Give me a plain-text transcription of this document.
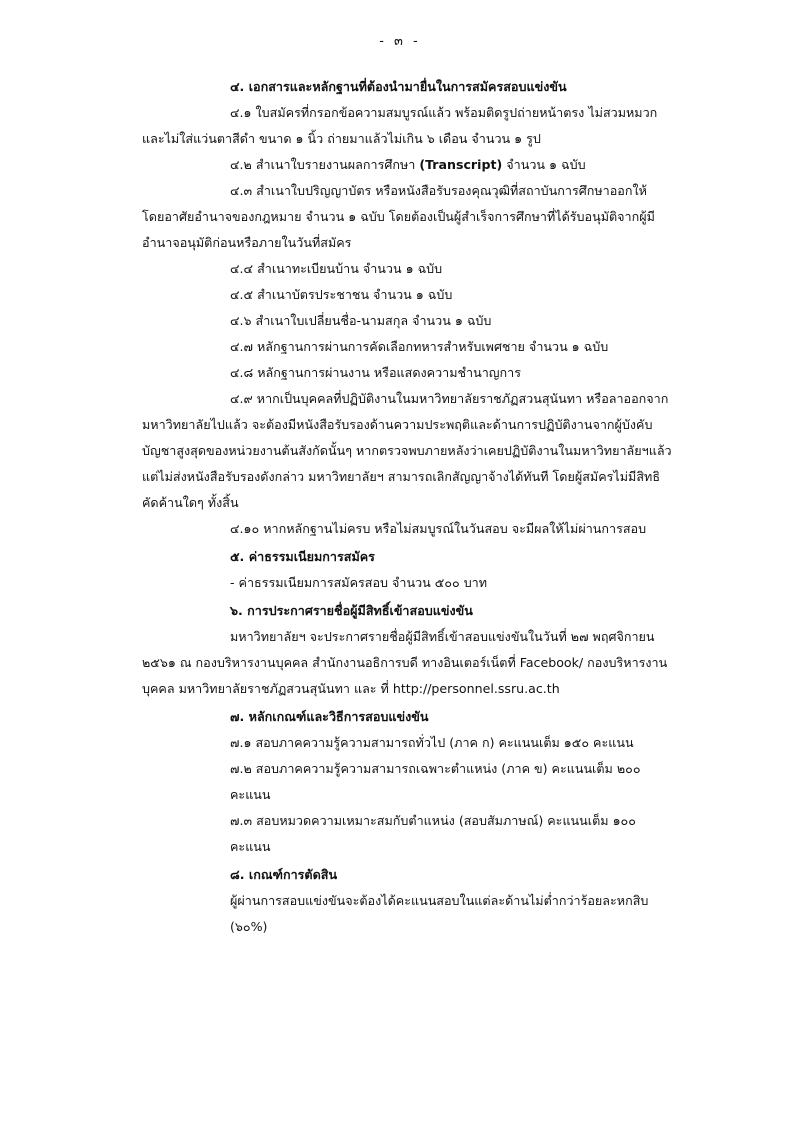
- ๓ -
๔. เอกสารและหลักฐานที่ต้องนำมายื่นในการสมัครสอบแข่งขัน
๔.๑ ใบสมัครที่กรอกข้อความสมบูรณ์แล้ว พร้อมติดรูปถ่ายหน้าตรง ไม่สวมหมวกและไม่ใส่แว่นตาสีดำ ขนาด ๑ นิ้ว ถ่ายมาแล้วไม่เกิน ๖ เดือน จำนวน ๑ รูป
๔.๒ สำเนาใบรายงานผลการศึกษา (Transcript) จำนวน ๑ ฉบับ
๔.๓ สำเนาใบปริญญาบัตร หรือหนังสือรับรองคุณวุฒิที่สถาบันการศึกษาออกให้ โดยอาศัยอำนาจของกฎหมาย จำนวน ๑ ฉบับ โดยต้องเป็นผู้สำเร็จการศึกษาที่ได้รับอนุมัติจากผู้มีอำนาจอนุมัติก่อนหรือภายในวันที่สมัคร
๔.๔ สำเนาทะเบียนบ้าน จำนวน ๑ ฉบับ
๔.๕ สำเนาบัตรประชาชน จำนวน ๑ ฉบับ
๔.๖ สำเนาใบเปลี่ยนชื่อ-นามสกุล จำนวน ๑ ฉบับ
๔.๗ หลักฐานการผ่านการคัดเลือกทหารสำหรับเพศชาย จำนวน ๑ ฉบับ
๔.๘ หลักฐานการผ่านงาน หรือแสดงความชำนาญการ
๔.๙ หากเป็นบุคคลที่ปฏิบัติงานในมหาวิทยาลัยราชภัฏสวนสุนันทา หรือลาออกจากมหาวิทยาลัยไปแล้ว จะต้องมีหนังสือรับรองด้านความประพฤติและด้านการปฏิบัติงานจากผู้บังคับบัญชาสูงสุดของหน่วยงานต้นสังกัดนั้นๆ หากตรวจพบภายหลังว่าเคยปฏิบัติงานในมหาวิทยาลัยฯแล้ว แต่ไม่ส่งหนังสือรับรองดังกล่าว มหาวิทยาลัยฯ สามารถเลิกสัญญาจ้างได้ทันที โดยผู้สมัครไม่มีสิทธิคัดค้านใดๆ ทั้งสิ้น
๔.๑๐ หากหลักฐานไม่ครบ หรือไม่สมบูรณ์ในวันสอบ จะมีผลให้ไม่ผ่านการสอบ
๕. ค่าธรรมเนียมการสมัคร
- ค่าธรรมเนียมการสมัครสอบ จำนวน ๕๐๐ บาท
๖. การประกาศรายชื่อผู้มีสิทธิ์เข้าสอบแข่งขัน
มหาวิทยาลัยฯ จะประกาศรายชื่อผู้มีสิทธิ์เข้าสอบแข่งขันในวันที่ ๒๗ พฤศจิกายน ๒๕๖๑ ณ กองบริหารงานบุคคล สำนักงานอธิการบดี ทางอินเตอร์เน็ตที่ Facebook/ กองบริหารงานบุคคล มหาวิทยาลัยราชภัฏสวนสุนันทา และ ที่ http://personnel.ssru.ac.th
๗. หลักเกณฑ์และวิธีการสอบแข่งขัน
๗.๑ สอบภาคความรู้ความสามารถทั่วไป (ภาค ก) คะแนนเต็ม ๑๕๐ คะแนน
๗.๒ สอบภาคความรู้ความสามารถเฉพาะตำแหน่ง (ภาค ข) คะแนนเต็ม ๒๐๐ คะแนน
๗.๓ สอบหมวดความเหมาะสมกับตำแหน่ง (สอบสัมภาษณ์) คะแนนเต็ม ๑๐๐ คะแนน
๘. เกณฑ์การตัดสิน
ผู้ผ่านการสอบแข่งขันจะต้องได้คะแนนสอบในแต่ละด้านไม่ต่ำกว่าร้อยละหกสิบ (๖๐%)
